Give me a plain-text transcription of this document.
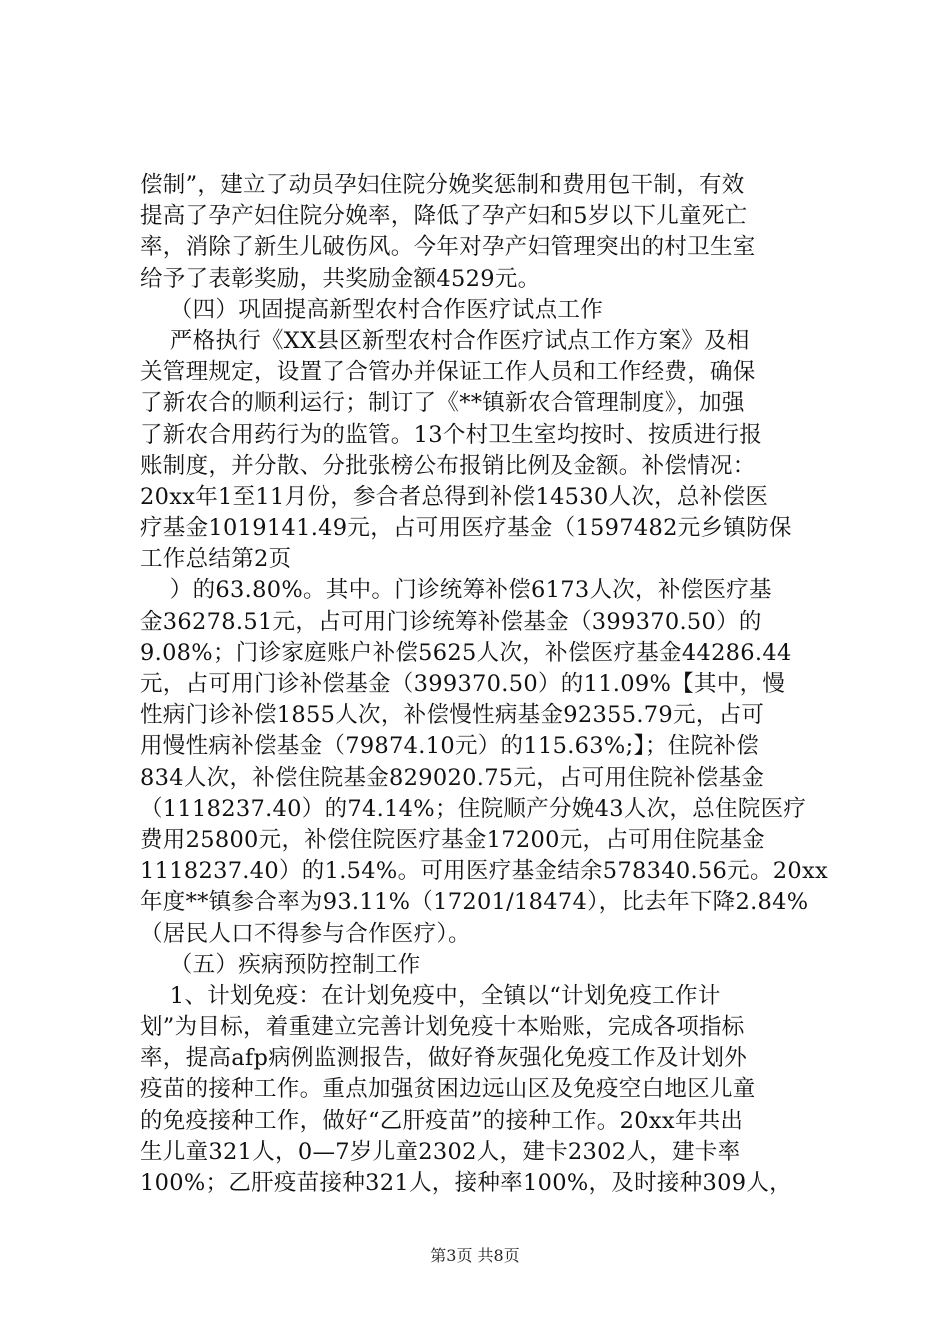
偿制”，建立了动员孕妇住院分娩奖惩制和费用包干制，有效
提高了孕产妇住院分娩率，降低了孕产妇和5岁以下儿童死亡
率，消除了新生儿破伤风。今年对孕产妇管理突出的村卫生室
给予了表彰奖励，共奖励金额4529元。
（四）巩固提高新型农村合作医疗试点工作
严格执行《XX县区新型农村合作医疗试点工作方案》及相
关管理规定，设置了合管办并保证工作人员和工作经费，确保
了新农合的顺利运行；制订了《**镇新农合管理制度》，加强
了新农合用药行为的监管。13个村卫生室均按时、按质进行报
账制度，并分散、分批张榜公布报销比例及金额。补偿情况：
20xx年1至11月份，参合者总得到补偿14530人次，总补偿医
疗基金1019141.49元，占可用医疗基金（1597482元乡镇防保
工作总结第2页
）的63.80%。其中。门诊统筹补偿6173人次，补偿医疗基
金36278.51元，占可用门诊统筹补偿基金（399370.50）的
9.08%；门诊家庭账户补偿5625人次，补偿医疗基金44286.44
元，占可用门诊补偿基金（399370.50）的11.09%【其中，慢
性病门诊补偿1855人次，补偿慢性病基金92355.79元，占可
用慢性病补偿基金（79874.10元）的115.63%;】；住院补偿
834人次，补偿住院基金829020.75元，占可用住院补偿基金
（1118237.40）的74.14%；住院顺产分娩43人次，总住院医疗
费用25800元，补偿住院医疗基金17200元，占可用住院基金
1118237.40）的1.54%。可用医疗基金结余578340.56元。20xx
年度**镇参合率为93.11%（17201/18474），比去年下降2.84%
（居民人口不得参与合作医疗）。
（五）疾病预防控制工作
1、计划免疫：在计划免疫中，全镇以“计划免疫工作计
划”为目标，着重建立完善计划免疫十本贻账，完成各项指标
率，提高afp病例监测报告，做好脊灰强化免疫工作及计划外
疫苗的接种工作。重点加强贫困边远山区及免疫空白地区儿童
的免疫接种工作，做好“乙肝疫苗”的接种工作。20xx年共出
生儿童321人，0—7岁儿童2302人，建卡2302人，建卡率
100%；乙肝疫苗接种321人，接种率100%，及时接种309人，
第3页 共8页
